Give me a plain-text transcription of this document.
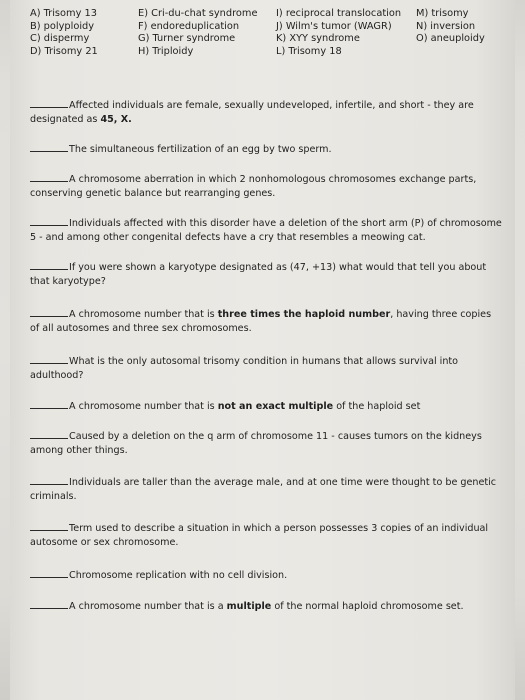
A) Trisomy 13
B) polyploidy
C) dispermy
D) Trisomy 21
E) Cri-du-chat syndrome
F) endoreduplication
G) Turner syndrome
H) Triploidy
I) reciprocal translocation
J) Wilm's tumor (WAGR)
K) XYY syndrome
L) Trisomy 18
M) trisomy
N) inversion
O) aneuploidy
Affected individuals are female, sexually undeveloped, infertile, and short - they are designated as 45, X.
The simultaneous fertilization of an egg by two sperm.
A chromosome aberration in which 2 nonhomologous chromosomes exchange parts, conserving genetic balance but rearranging genes.
Individuals affected with this disorder have a deletion of the short arm (P) of chromosome 5 - and among other congenital defects have a cry that resembles a meowing cat.
If you were shown a karyotype designated as (47, +13) what would that tell you about that karyotype?
A chromosome number that is three times the haploid number, having three copies of all autosomes and three sex chromosomes.
What is the only autosomal trisomy condition in humans that allows survival into adulthood?
A chromosome number that is not an exact multiple of the haploid set
Caused by a deletion on the q arm of chromosome 11 - causes tumors on the kidneys among other things.
Individuals are taller than the average male, and at one time were thought to be genetic criminals.
Term used to describe a situation in which a person possesses 3 copies of an individual autosome or sex chromosome.
Chromosome replication with no cell division.
A chromosome number that is a multiple of the normal haploid chromosome set.
